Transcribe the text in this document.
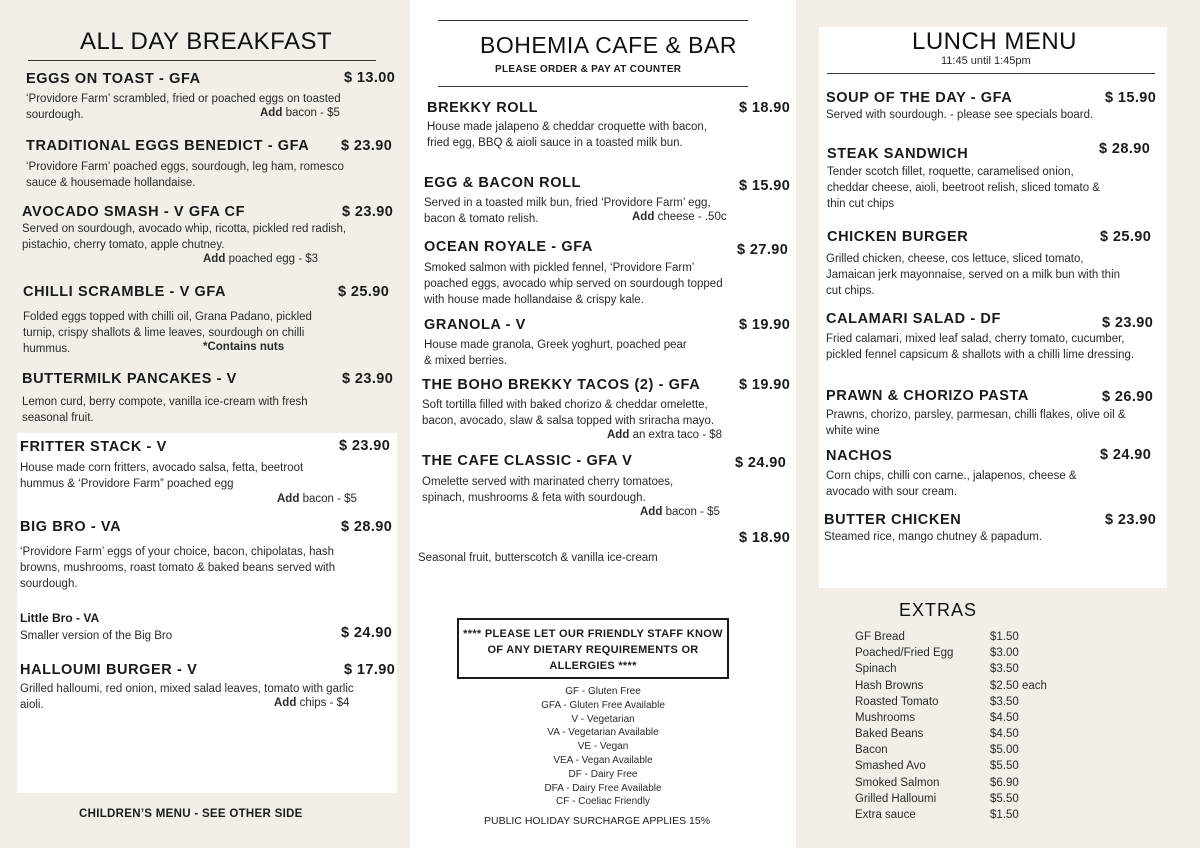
ALL DAY BREAKFAST
EGGS ON TOAST - GFA	$ 13.00
‘Providore Farm’ scrambled, fried or poached eggs on toasted sourdough.	Add bacon - $5
TRADITIONAL EGGS BENEDICT - GFA $ 23.90
‘Providore Farm’ poached eggs, sourdough, leg ham, romesco sauce & housemade hollandaise.
AVOCADO SMASH - V GFA CF	$ 23.90
Served on sourdough, avocado whip, ricotta, pickled red radish, pistachio, cherry tomato, apple chutney.
Add poached egg - $3
CHILLI SCRAMBLE - V GFA	$ 25.90
Folded eggs topped with chilli oil, Grana Padano, pickled turnip, crispy shallots & lime leaves, sourdough on chilli hummus.	*Contains nuts
BUTTERMILK PANCAKES - V	$ 23.90
Lemon curd, berry compote, vanilla ice-cream with fresh seasonal fruit.
FRITTER STACK - V	$ 23.90
House made corn fritters, avocado salsa, fetta, beetroot hummus & ‘Providore Farm” poached egg
Add bacon - $5
BIG BRO - VA	$ 28.90
‘Providore Farm’ eggs of your choice, bacon, chipolatas, hash browns, mushrooms, roast tomato & baked beans served with sourdough.
Little Bro - VA
$ 24.90
Smaller version of the Big Bro
HALLOUMI BURGER - V	$ 17.90
Grilled halloumi, red onion, mixed salad leaves, tomato with garlic aioli.	Add chips - $4
CHILDREN’S MENU - SEE OTHER SIDE
BOHEMIA CAFE & BAR
PLEASE ORDER & PAY AT COUNTER
BREKKY ROLL	$ 18.90
House made jalapeno & cheddar croquette with bacon, fried egg, BBQ & aioli sauce in a toasted milk bun.
EGG & BACON ROLL	$ 15.90
Served in a toasted milk bun, fried ‘Providore Farm’ egg, bacon & tomato relish.	Add cheese - .50c
OCEAN ROYALE - GFA	$ 27.90
Smoked salmon with pickled fennel, ‘Providore Farm’ poached eggs, avocado whip served on sourdough topped with house made hollandaise & crispy kale.
GRANOLA - V	$ 19.90
House made granola, Greek yoghurt, poached pear & mixed berries.
THE BOHO BREKKY TACOS (2) - GFA	$ 19.90
Soft tortilla filled with baked chorizo & cheddar omelette, bacon, avocado, slaw & salsa topped with sriracha mayo.
Add an extra taco - $8
THE CAFE CLASSIC - GFA V	$ 24.90
Omelette served with marinated cherry tomatoes, spinach, mushrooms & feta with sourdough.
Add bacon - $5
$ 18.90
Seasonal fruit, butterscotch & vanilla ice-cream
**** PLEASE LET OUR FRIENDLY STAFF KNOW OF ANY DIETARY REQUIREMENTS OR ALLERGIES ****
GF - Gluten Free
GFA - Gluten Free Available
V - Vegetarian
VA - Vegetarian Available
VE - Vegan
VEA - Vegan Available
DF - Dairy Free
DFA - Dairy Free Available
CF - Coeliac Friendly
PUBLIC HOLIDAY SURCHARGE APPLIES 15%
LUNCH MENU
11:45 until 1:45pm
SOUP OF THE DAY - GFA	$ 15.90
Served with sourdough. - please see specials board.
STEAK SANDWICH	$ 28.90
Tender scotch fillet, roquette, caramelised onion, cheddar cheese, aioli, beetroot relish, sliced tomato & thin cut chips
CHICKEN BURGER	$ 25.90
Grilled chicken, cheese, cos lettuce, sliced tomato, Jamaican jerk mayonnaise, served on a milk bun with thin cut chips.
CALAMARI SALAD - DF	$ 23.90
Fried calamari, mixed leaf salad, cherry tomato, cucumber, pickled fennel capsicum & shallots with a chilli lime dressing.
PRAWN & CHORIZO PASTA	$ 26.90
Prawns, chorizo, parsley, parmesan, chilli flakes, olive oil & white wine
NACHOS	$ 24.90
Corn chips, chilli con carne., jalapenos, cheese & avocado with sour cream.
BUTTER CHICKEN	$ 23.90
Steamed rice, mango chutney & papadum.
EXTRAS
GF Bread	$1.50
Poached/Fried Egg	$3.00
Spinach	$3.50
Hash Browns	$2.50 each
Roasted Tomato	$3.50
Mushrooms	$4.50
Baked Beans	$4.50
Bacon	$5.00
Smashed Avo	$5.50
Smoked Salmon	$6.90
Grilled Halloumi	$5.50
Extra sauce	$1.50
